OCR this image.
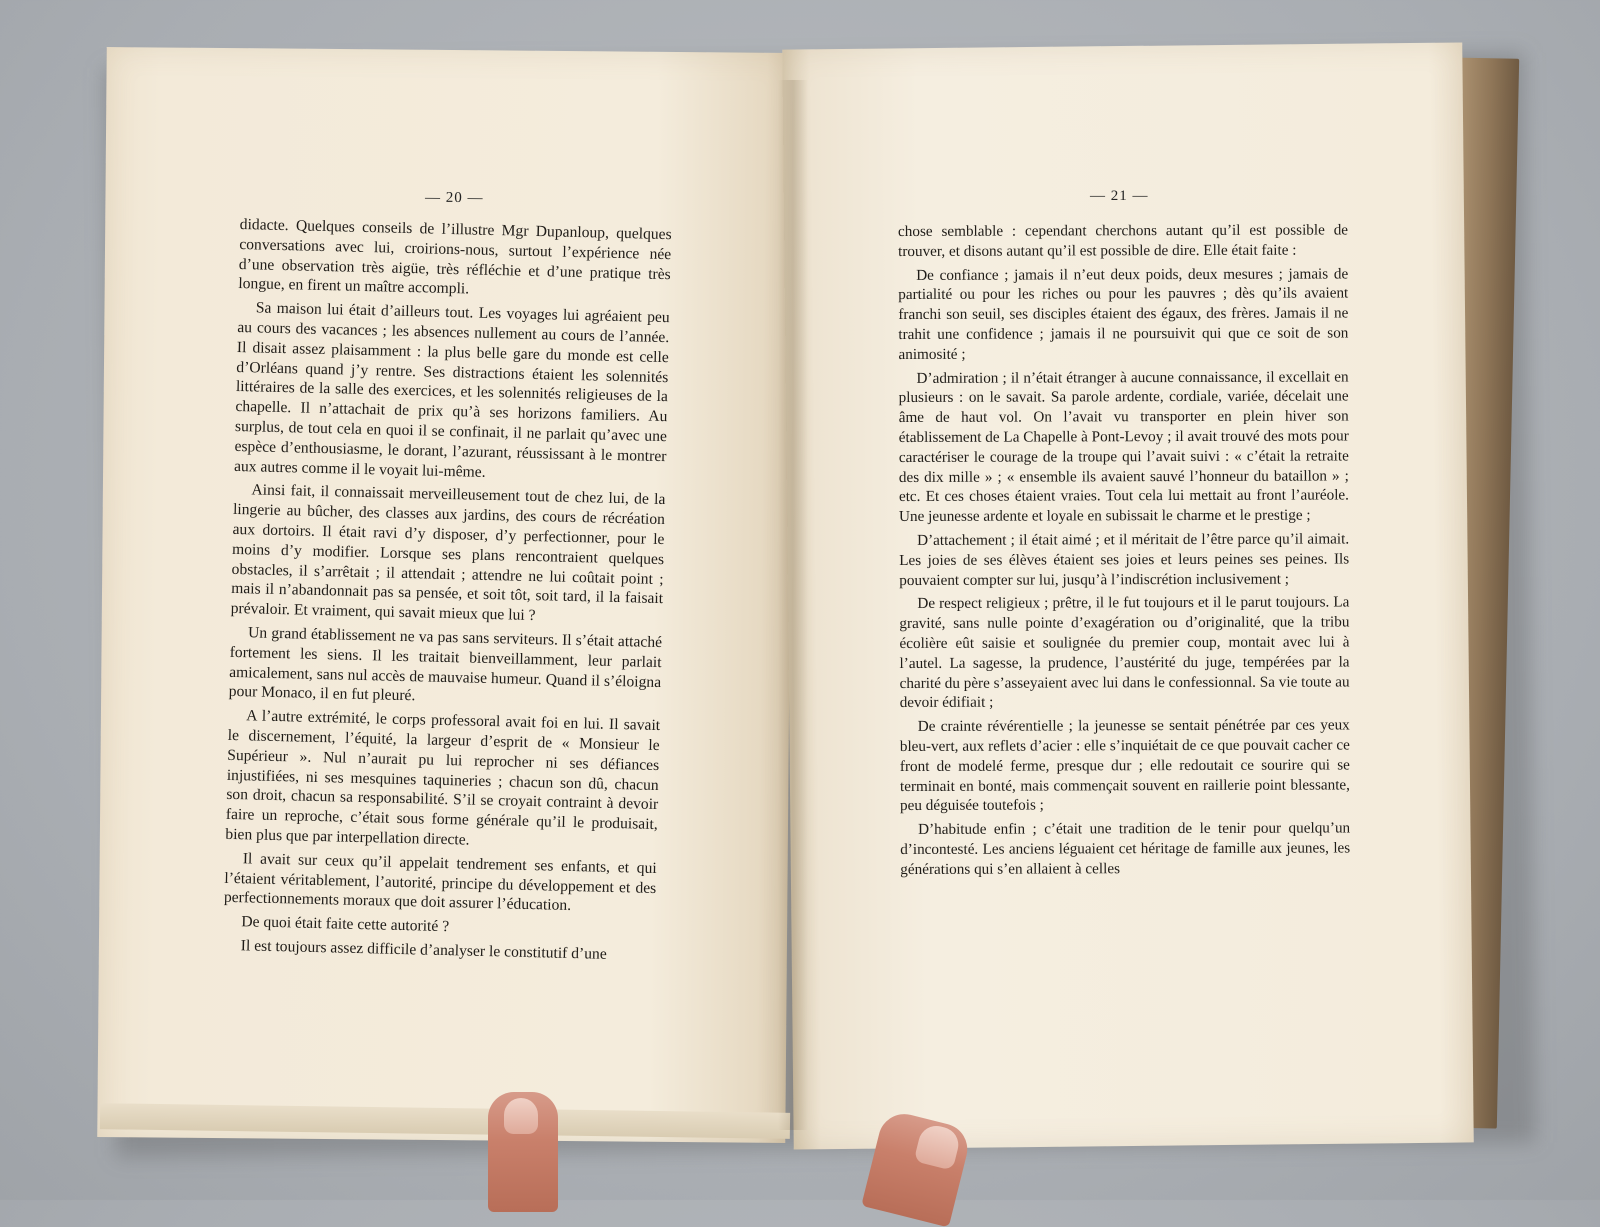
— 20 —	— 21 —

didacte. Quelques conseils de l’illustre Mgr Dupanloup, quelques conversations avec lui, croirions-nous, surtout l’expérience née d’une observation très aigüe, très réfléchie et d’une pratique très longue, en firent un maître accompli.

Sa maison lui était d’ailleurs tout. Les voyages lui agréaient peu au cours des vacances ; les absences nullement au cours de l’année. Il disait assez plaisamment : la plus belle gare du monde est celle d’Orléans quand j’y rentre. Ses distractions étaient les solennités littéraires de la salle des exercices, et les solennités religieuses de la chapelle. Il n’attachait de prix qu’à ses horizons familiers. Au surplus, de tout cela en quoi il se confinait, il ne parlait qu’avec une espèce d’enthousiasme, le dorant, l’azurant, réussissant à le montrer aux autres comme il le voyait lui-même.

Ainsi fait, il connaissait merveilleusement tout de chez lui, de la lingerie au bûcher, des classes aux jardins, des cours de récréation aux dortoirs. Il était ravi d’y disposer, d’y perfectionner, pour le moins d’y modifier. Lorsque ses plans rencontraient quelques obstacles, il s’arrêtait ; il attendait ; attendre ne lui coûtait point ; mais il n’abandonnait pas sa pensée, et soit tôt, soit tard, il la faisait prévaloir. Et vraiment, qui savait mieux que lui ?

Un grand établissement ne va pas sans serviteurs. Il s’était attaché fortement les siens. Il les traitait bienveillamment, leur parlait amicalement, sans nul accès de mauvaise humeur. Quand il s’éloigna pour Monaco, il en fut pleuré.

A l’autre extrémité, le corps professoral avait foi en lui. Il savait le discernement, l’équité, la largeur d’esprit de « Monsieur le Supérieur ». Nul n’aurait pu lui reprocher ni ses défiances injustifiées, ni ses mesquines taquineries ; chacun son dû, chacun son droit, chacun sa responsabilité. S’il se croyait contraint à devoir faire un reproche, c’était sous forme générale qu’il le produisait, bien plus que par interpellation directe.

Il avait sur ceux qu’il appelait tendrement ses enfants, et qui l’étaient véritablement, l’autorité, principe du développement et des perfectionnements moraux que doit assurer l’éducation.

De quoi était faite cette autorité ?

Il est toujours assez difficile d’analyser le constitutif d’une

chose semblable : cependant cherchons autant qu’il est possible de trouver, et disons autant qu’il est possible de dire. Elle était faite :

De confiance ; jamais il n’eut deux poids, deux mesures ; jamais de partialité ou pour les riches ou pour les pauvres ; dès qu’ils avaient franchi son seuil, ses disciples étaient des égaux, des frères. Jamais il ne trahit une confidence ; jamais il ne poursuivit qui que ce soit de son animosité ;

D’admiration ; il n’était étranger à aucune connaissance, il excellait en plusieurs : on le savait. Sa parole ardente, cordiale, variée, décelait une âme de haut vol. On l’avait vu transporter en plein hiver son établissement de La Chapelle à Pont-Levoy ; il avait trouvé des mots pour caractériser le courage de la troupe qui l’avait suivi : « c’était la retraite des dix mille » ; « ensemble ils avaient sauvé l’honneur du bataillon » ; etc. Et ces choses étaient vraies. Tout cela lui mettait au front l’auréole. Une jeunesse ardente et loyale en subissait le charme et le prestige ;

D’attachement ; il était aimé ; et il méritait de l’être parce qu’il aimait. Les joies de ses élèves étaient ses joies et leurs peines ses peines. Ils pouvaient compter sur lui, jusqu’à l’indiscrétion inclusivement ;

De respect religieux ; prêtre, il le fut toujours et il le parut toujours. La gravité, sans nulle pointe d’exagération ou d’originalité, que la tribu écolière eût saisie et soulignée du premier coup, montait avec lui à l’autel. La sagesse, la prudence, l’austérité du juge, tempérées par la charité du père s’asseyaient avec lui dans le confessionnal. Sa vie toute au devoir édifiait ;

De crainte révérentielle ; la jeunesse se sentait pénétrée par ces yeux bleu-vert, aux reflets d’acier : elle s’inquiétait de ce que pouvait cacher ce front de modelé ferme, presque dur ; elle redoutait ce sourire qui se terminait en bonté, mais commençait souvent en raillerie point blessante, peu déguisée toutefois ;

D’habitude enfin ; c’était une tradition de le tenir pour quelqu’un d’incontesté. Les anciens léguaient cet héritage de famille aux jeunes, les générations qui s’en allaient à celles
